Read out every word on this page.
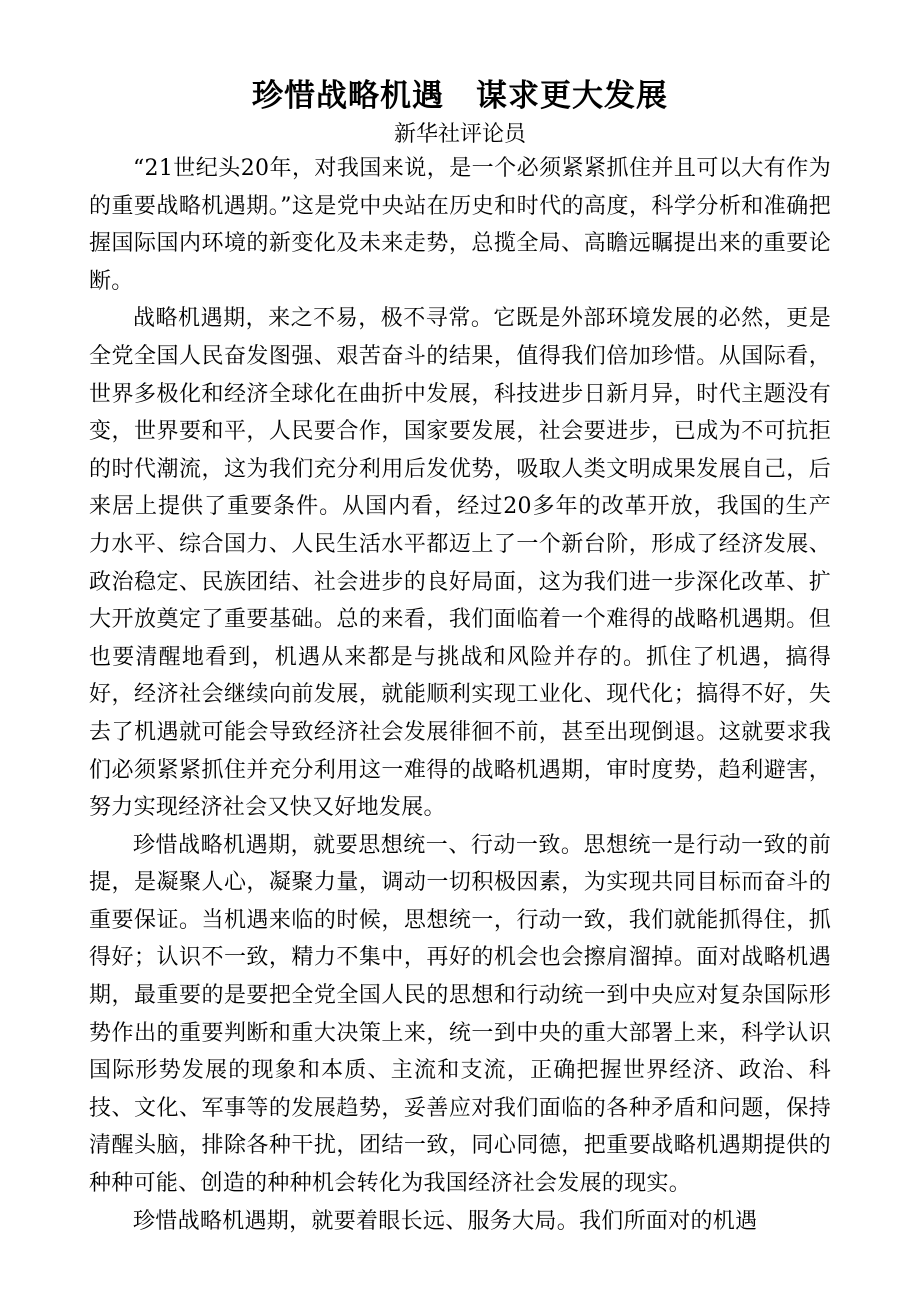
珍惜战略机遇　谋求更大发展
新华社评论员

“21世纪头20年，对我国来说，是一个必须紧紧抓住并且可以大有作为的重要战略机遇期。”这是党中央站在历史和时代的高度，科学分析和准确把握国际国内环境的新变化及未来走势，总揽全局、高瞻远瞩提出来的重要论断。

战略机遇期，来之不易，极不寻常。它既是外部环境发展的必然，更是全党全国人民奋发图强、艰苦奋斗的结果，值得我们倍加珍惜。从国际看，世界多极化和经济全球化在曲折中发展，科技进步日新月异，时代主题没有变，世界要和平，人民要合作，国家要发展，社会要进步，已成为不可抗拒的时代潮流，这为我们充分利用后发优势，吸取人类文明成果发展自己，后来居上提供了重要条件。从国内看，经过20多年的改革开放，我国的生产力水平、综合国力、人民生活水平都迈上了一个新台阶，形成了经济发展、政治稳定、民族团结、社会进步的良好局面，这为我们进一步深化改革、扩大开放奠定了重要基础。总的来看，我们面临着一个难得的战略机遇期。但也要清醒地看到，机遇从来都是与挑战和风险并存的。抓住了机遇，搞得好，经济社会继续向前发展，就能顺利实现工业化、现代化；搞得不好，失去了机遇就可能会导致经济社会发展徘徊不前，甚至出现倒退。这就要求我们必须紧紧抓住并充分利用这一难得的战略机遇期，审时度势，趋利避害，努力实现经济社会又快又好地发展。

珍惜战略机遇期，就要思想统一、行动一致。思想统一是行动一致的前提，是凝聚人心，凝聚力量，调动一切积极因素，为实现共同目标而奋斗的重要保证。当机遇来临的时候，思想统一，行动一致，我们就能抓得住，抓得好；认识不一致，精力不集中，再好的机会也会擦肩溜掉。面对战略机遇期，最重要的是要把全党全国人民的思想和行动统一到中央应对复杂国际形势作出的重要判断和重大决策上来，统一到中央的重大部署上来，科学认识国际形势发展的现象和本质、主流和支流，正确把握世界经济、政治、科技、文化、军事等的发展趋势，妥善应对我们面临的各种矛盾和问题，保持清醒头脑，排除各种干扰，团结一致，同心同德，把重要战略机遇期提供的种种可能、创造的种种机会转化为我国经济社会发展的现实。

珍惜战略机遇期，就要着眼长远、服务大局。我们所面对的机遇
